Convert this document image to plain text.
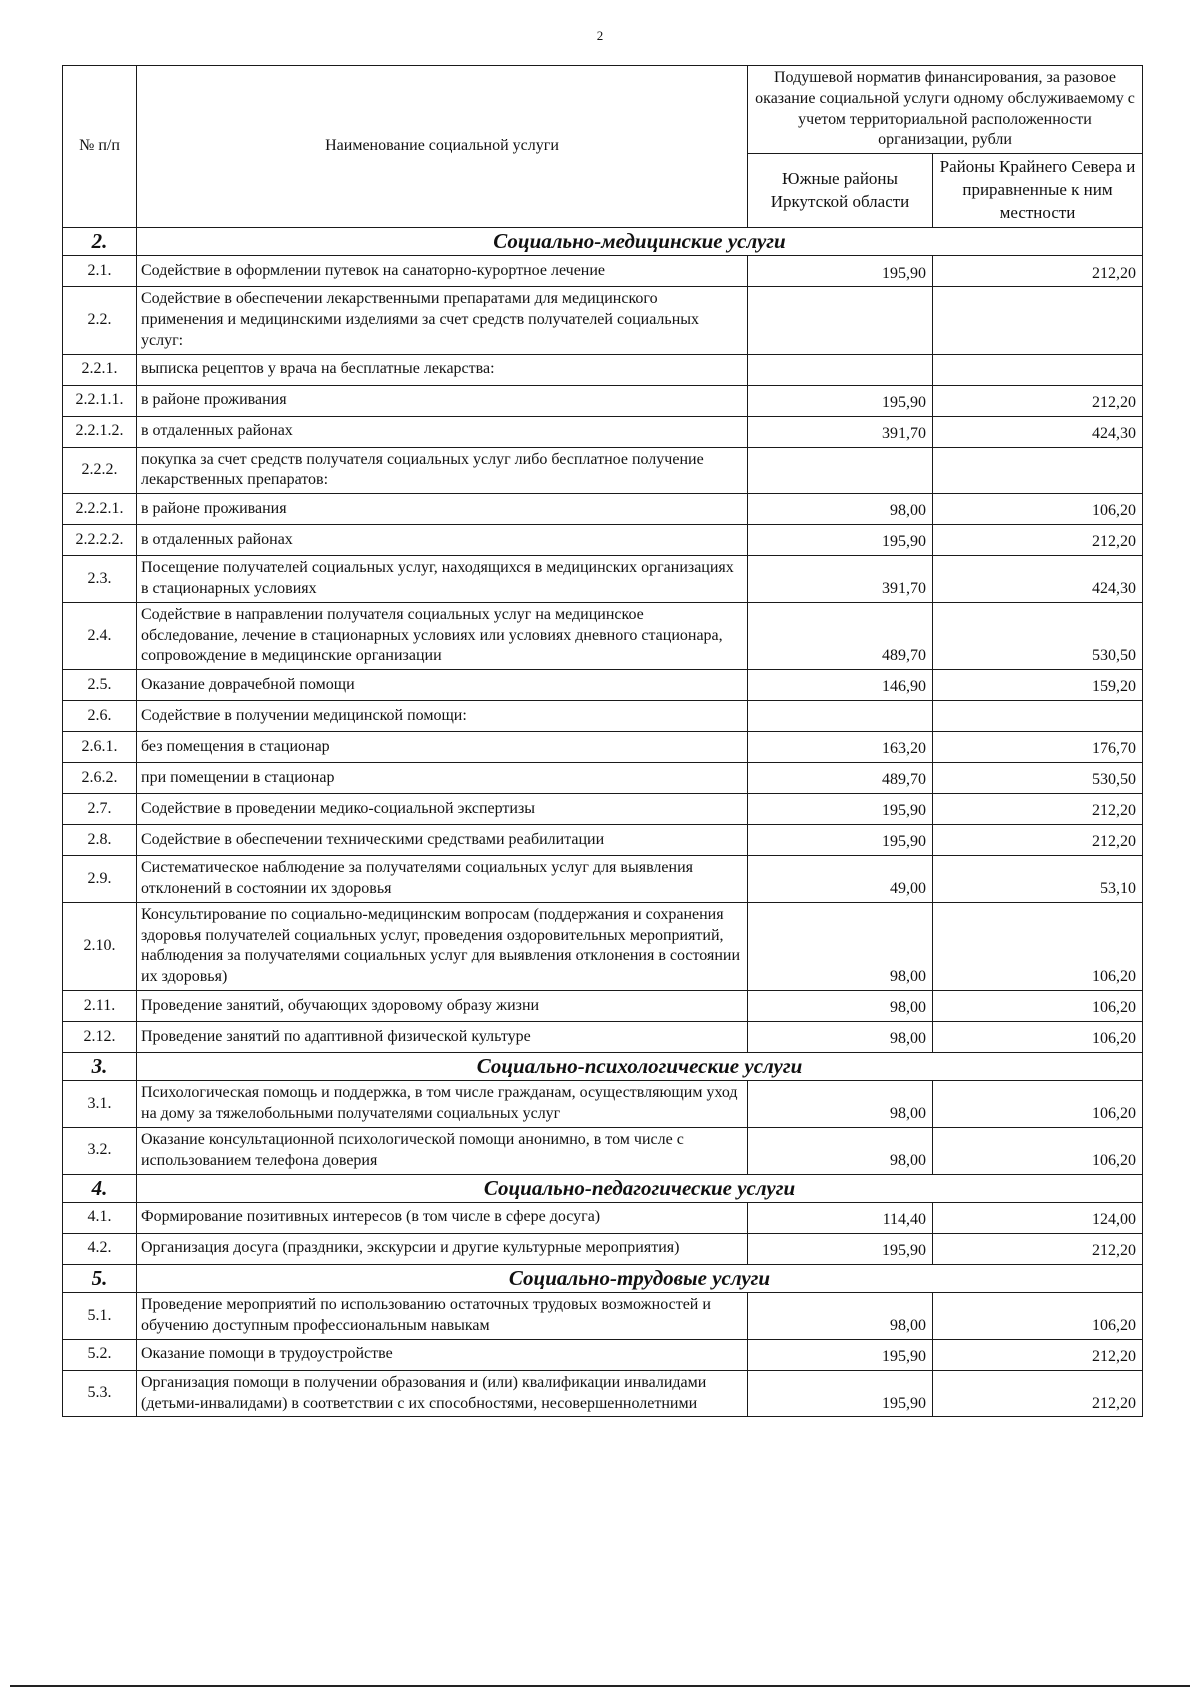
2
№ п/п	Наименование социальной услуги	Подушевой норматив финансирования, за разовое оказание социальной услуги одному обслуживаемому с учетом территориальной расположенности организации, рубли	
		Южные районы Иркутской области	Районы Крайнего Севера и приравненные к ним местности
2.	Социально-медицинские услуги		
2.1.	Содействие в оформлении путевок на санаторно-курортное лечение	195,90	212,20
2.2.	Содействие в обеспечении лекарственными препаратами для медицинского применения и медицинскими изделиями за счет средств получателей социальных услуг:		
2.2.1.	выписка рецептов у врача на бесплатные лекарства:		
2.2.1.1.	в районе проживания	195,90	212,20
2.2.1.2.	в отдаленных районах	391,70	424,30
2.2.2.	покупка за счет средств получателя социальных услуг либо бесплатное получение лекарственных препаратов:		
2.2.2.1.	в районе проживания	98,00	106,20
2.2.2.2.	в отдаленных районах	195,90	212,20
2.3.	Посещение получателей социальных услуг, находящихся в медицинских организациях в стационарных условиях	391,70	424,30
2.4.	Содействие в направлении получателя социальных услуг на медицинское обследование, лечение в стационарных условиях или условиях дневного стационара, сопровождение в медицинские организации	489,70	530,50
2.5.	Оказание доврачебной помощи	146,90	159,20
2.6.	Содействие в получении медицинской помощи:		
2.6.1.	без помещения в стационар	163,20	176,70
2.6.2.	при помещении в стационар	489,70	530,50
2.7.	Содействие в проведении медико-социальной экспертизы	195,90	212,20
2.8.	Содействие в обеспечении техническими средствами реабилитации	195,90	212,20
2.9.	Систематическое наблюдение за получателями социальных услуг для выявления отклонений в состоянии их здоровья	49,00	53,10
2.10.	Консультирование по социально-медицинским вопросам (поддержания и сохранения здоровья получателей социальных услуг, проведения оздоровительных мероприятий, наблюдения за получателями социальных услуг для выявления отклонения в состоянии их здоровья)	98,00	106,20
2.11.	Проведение занятий, обучающих здоровому образу жизни	98,00	106,20
2.12.	Проведение занятий по адаптивной физической культуре	98,00	106,20
3.	Социально-психологические услуги		
3.1.	Психологическая помощь и поддержка, в том числе гражданам, осуществляющим уход на дому за тяжелобольными получателями социальных услуг	98,00	106,20
3.2.	Оказание консультационной психологической помощи анонимно, в том числе с использованием телефона доверия	98,00	106,20
4.	Социально-педагогические услуги		
4.1.	Формирование позитивных интересов (в том числе в сфере досуга)	114,40	124,00
4.2.	Организация досуга (праздники, экскурсии и другие культурные мероприятия)	195,90	212,20
5.	Социально-трудовые услуги		
5.1.	Проведение мероприятий по использованию остаточных трудовых возможностей и обучению доступным профессиональным навыкам	98,00	106,20
5.2.	Оказание помощи в трудоустройстве	195,90	212,20
5.3.	Организация помощи в получении образования и (или) квалификации инвалидами (детьми-инвалидами) в соответствии с их способностями, несовершеннолетними	195,90	212,20
